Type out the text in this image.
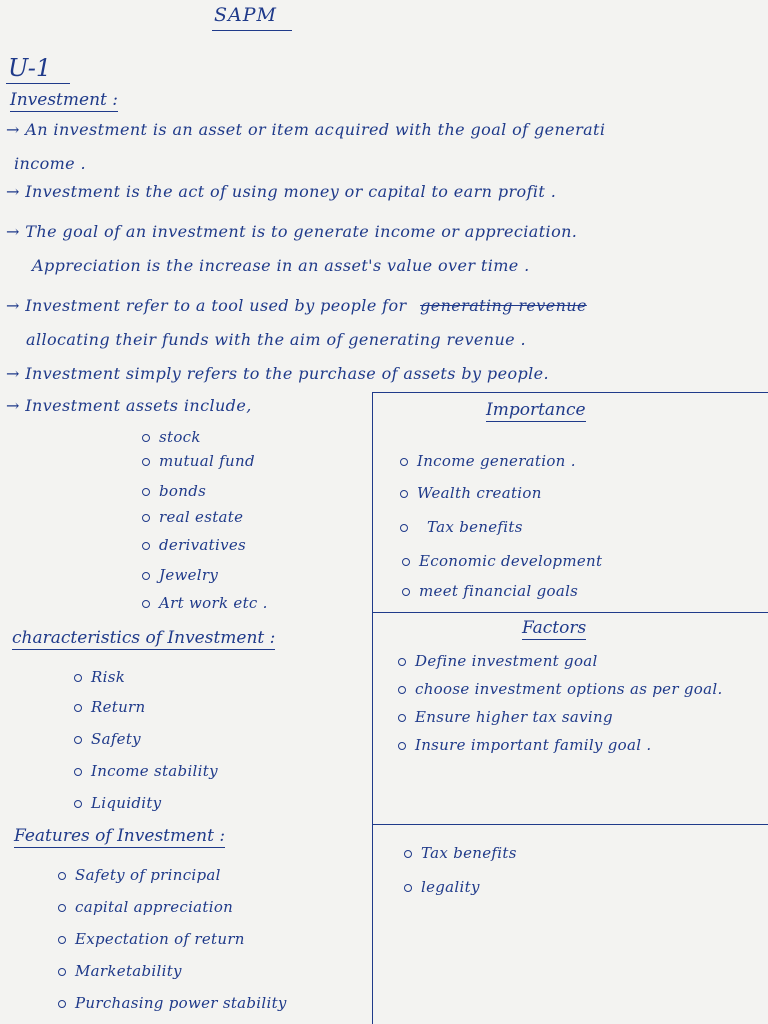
SAPM
U-1
Investment :
→ An investment is an asset or item acquired with the goal of generati
income .
→ Investment is the act of using money or capital to earn profit .
→ The goal of an investment is to generate income or appreciation.
Appreciation is the increase in an asset's value over time .
→ Investment refer to a tool used by people for generating revenue
allocating their funds with the aim of generating revenue .
→ Investment simply refers to the purchase of assets by people.
→ Investment assets include,
stock
mutual fund
bonds
real estate
derivatives
Jewelry
Art work etc .
Importance
Income generation .
Wealth creation
Tax benefits
Economic development
meet financial goals
Factors
Define investment goal
choose investment options as per goal.
Ensure higher tax saving
Insure important family goal .
Tax benefits
legality
characteristics of Investment :
Risk
Return
Safety
Income stability
Liquidity
Features of Investment :
Safety of principal
capital appreciation
Expectation of return
Marketability
Purchasing power stability
